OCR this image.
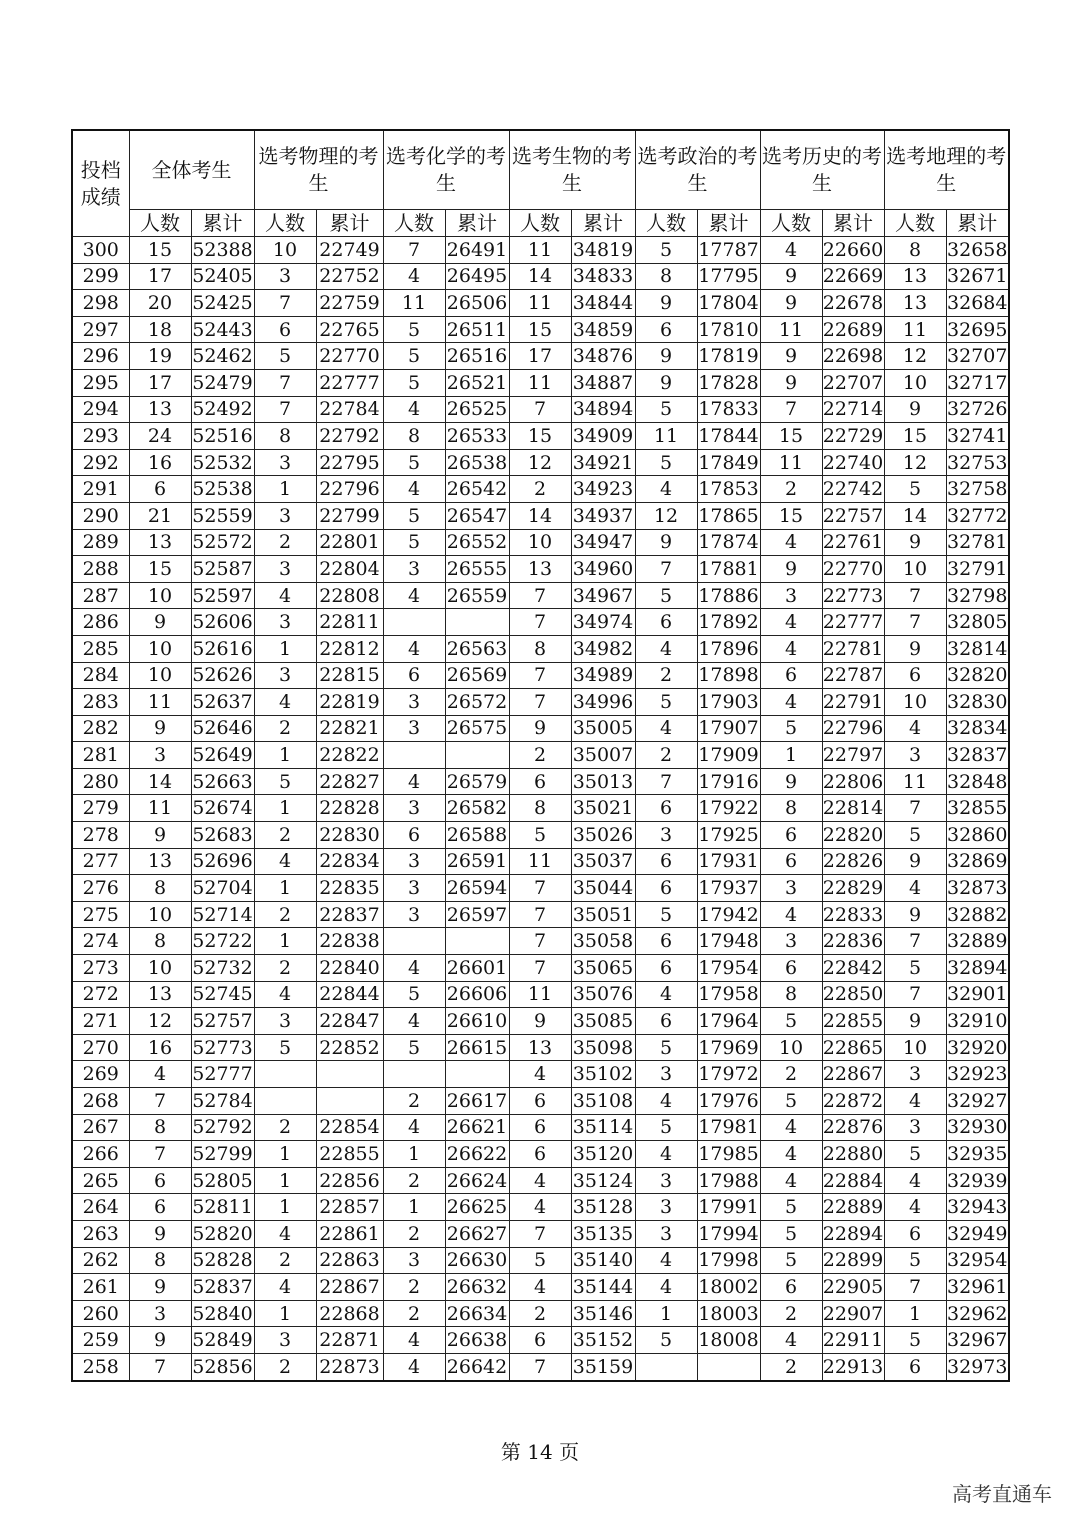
投档成绩	全体考生		选考物理的考生		选考化学的考生		选考生物的考生		选考政治的考生		选考历史的考生		选考地理的考生	
	人数	累计	人数	累计	人数	累计	人数	累计	人数	累计	人数	累计	人数	累计
300	15	52388	10	22749	7	26491	11	34819	5	17787	4	22660	8	32658
299	17	52405	3	22752	4	26495	14	34833	8	17795	9	22669	13	32671
298	20	52425	7	22759	11	26506	11	34844	9	17804	9	22678	13	32684
297	18	52443	6	22765	5	26511	15	34859	6	17810	11	22689	11	32695
296	19	52462	5	22770	5	26516	17	34876	9	17819	9	22698	12	32707
295	17	52479	7	22777	5	26521	11	34887	9	17828	9	22707	10	32717
294	13	52492	7	22784	4	26525	7	34894	5	17833	7	22714	9	32726
293	24	52516	8	22792	8	26533	15	34909	11	17844	15	22729	15	32741
292	16	52532	3	22795	5	26538	12	34921	5	17849	11	22740	12	32753
291	6	52538	1	22796	4	26542	2	34923	4	17853	2	22742	5	32758
290	21	52559	3	22799	5	26547	14	34937	12	17865	15	22757	14	32772
289	13	52572	2	22801	5	26552	10	34947	9	17874	4	22761	9	32781
288	15	52587	3	22804	3	26555	13	34960	7	17881	9	22770	10	32791
287	10	52597	4	22808	4	26559	7	34967	5	17886	3	22773	7	32798
286	9	52606	3	22811			7	34974	6	17892	4	22777	7	32805
285	10	52616	1	22812	4	26563	8	34982	4	17896	4	22781	9	32814
284	10	52626	3	22815	6	26569	7	34989	2	17898	6	22787	6	32820
283	11	52637	4	22819	3	26572	7	34996	5	17903	4	22791	10	32830
282	9	52646	2	22821	3	26575	9	35005	4	17907	5	22796	4	32834
281	3	52649	1	22822			2	35007	2	17909	1	22797	3	32837
280	14	52663	5	22827	4	26579	6	35013	7	17916	9	22806	11	32848
279	11	52674	1	22828	3	26582	8	35021	6	17922	8	22814	7	32855
278	9	52683	2	22830	6	26588	5	35026	3	17925	6	22820	5	32860
277	13	52696	4	22834	3	26591	11	35037	6	17931	6	22826	9	32869
276	8	52704	1	22835	3	26594	7	35044	6	17937	3	22829	4	32873
275	10	52714	2	22837	3	26597	7	35051	5	17942	4	22833	9	32882
274	8	52722	1	22838			7	35058	6	17948	3	22836	7	32889
273	10	52732	2	22840	4	26601	7	35065	6	17954	6	22842	5	32894
272	13	52745	4	22844	5	26606	11	35076	4	17958	8	22850	7	32901
271	12	52757	3	22847	4	26610	9	35085	6	17964	5	22855	9	32910
270	16	52773	5	22852	5	26615	13	35098	5	17969	10	22865	10	32920
269	4	52777					4	35102	3	17972	2	22867	3	32923
268	7	52784			2	26617	6	35108	4	17976	5	22872	4	32927
267	8	52792	2	22854	4	26621	6	35114	5	17981	4	22876	3	32930
266	7	52799	1	22855	1	26622	6	35120	4	17985	4	22880	5	32935
265	6	52805	1	22856	2	26624	4	35124	3	17988	4	22884	4	32939
264	6	52811	1	22857	1	26625	4	35128	3	17991	5	22889	4	32943
263	9	52820	4	22861	2	26627	7	35135	3	17994	5	22894	6	32949
262	8	52828	2	22863	3	26630	5	35140	4	17998	5	22899	5	32954
261	9	52837	4	22867	2	26632	4	35144	4	18002	6	22905	7	32961
260	3	52840	1	22868	2	26634	2	35146	1	18003	2	22907	1	32962
259	9	52849	3	22871	4	26638	6	35152	5	18008	4	22911	5	32967
258	7	52856	2	22873	4	26642	7	35159			2	22913	6	32973
第 14 页
高考直通车
